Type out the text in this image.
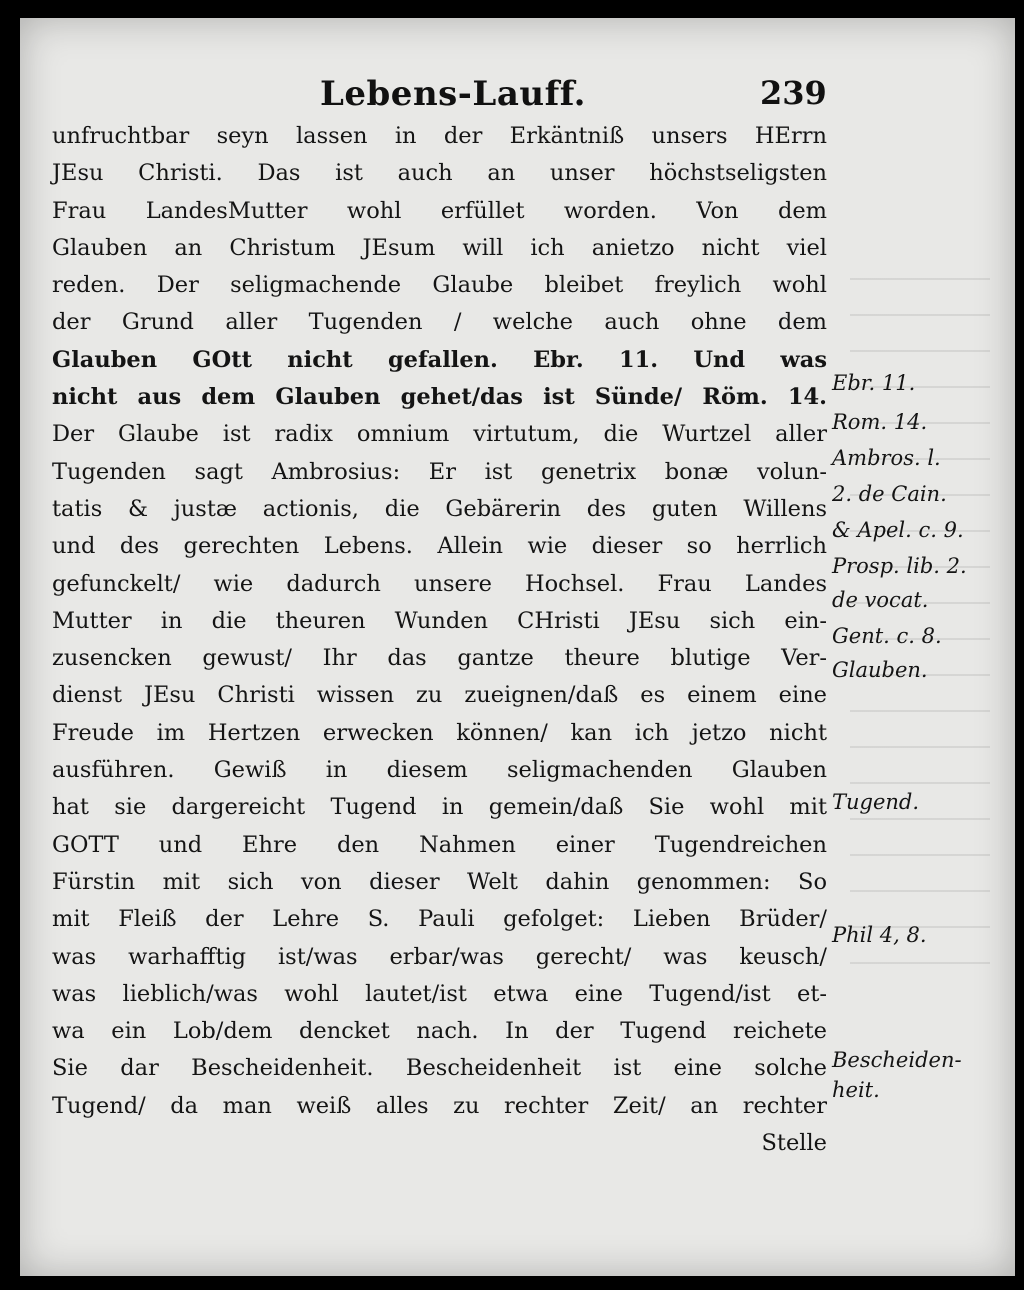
Lebens-Lauff.	239
unfruchtbar seyn lassen in der Erkäntniß unsers HErrn
JEsu Christi. Das ist auch an unser höchstseligsten
Frau LandesMutter wohl erfüllet worden. Von dem
Glauben an Christum JEsum will ich anietzo nicht viel
reden. Der seligmachende Glaube bleibet freylich wohl
der Grund aller Tugenden / welche auch ohne dem
Glauben GOtt nicht gefallen. Ebr. 11. Und was
nicht aus dem Glauben gehet/das ist Sünde/ Röm. 14.
Der Glaube ist radix omnium virtutum, die Wurtzel aller
Tugenden sagt Ambrosius: Er ist genetrix bonæ volun-
tatis & justæ actionis, die Gebärerin des guten Willens
und des gerechten Lebens. Allein wie dieser so herrlich
gefunckelt/ wie dadurch unsere Hochsel. Frau Landes
Mutter in die theuren Wunden CHristi JEsu sich ein-
zusencken gewust/ Ihr das gantze theure blutige Ver-
dienst JEsu Christi wissen zu zueignen/daß es einem eine
Freude im Hertzen erwecken können/ kan ich jetzo nicht
ausführen. Gewiß in diesem seligmachenden Glauben
hat sie dargereicht Tugend in gemein/daß Sie wohl mit
GOTT und Ehre den Nahmen einer Tugendreichen
Fürstin mit sich von dieser Welt dahin genommen: So
mit Fleiß der Lehre S. Pauli gefolget: Lieben Brüder/
was warhafftig ist/was erbar/was gerecht/ was keusch/
was lieblich/was wohl lautet/ist etwa eine Tugend/ist et-
wa ein Lob/dem dencket nach. In der Tugend reichete
Sie dar Bescheidenheit. Bescheidenheit ist eine solche
Tugend/ da man weiß alles zu rechter Zeit/ an rechter
Stelle
Ebr. 11.
Rom. 14.
Ambros. l.
2. de Cain.
& Apel. c. 9.
Prosp. lib. 2.
de vocat.
Gent. c. 8.
Glauben.
Tugend.
Phil 4, 8.
Bescheiden-
heit.
